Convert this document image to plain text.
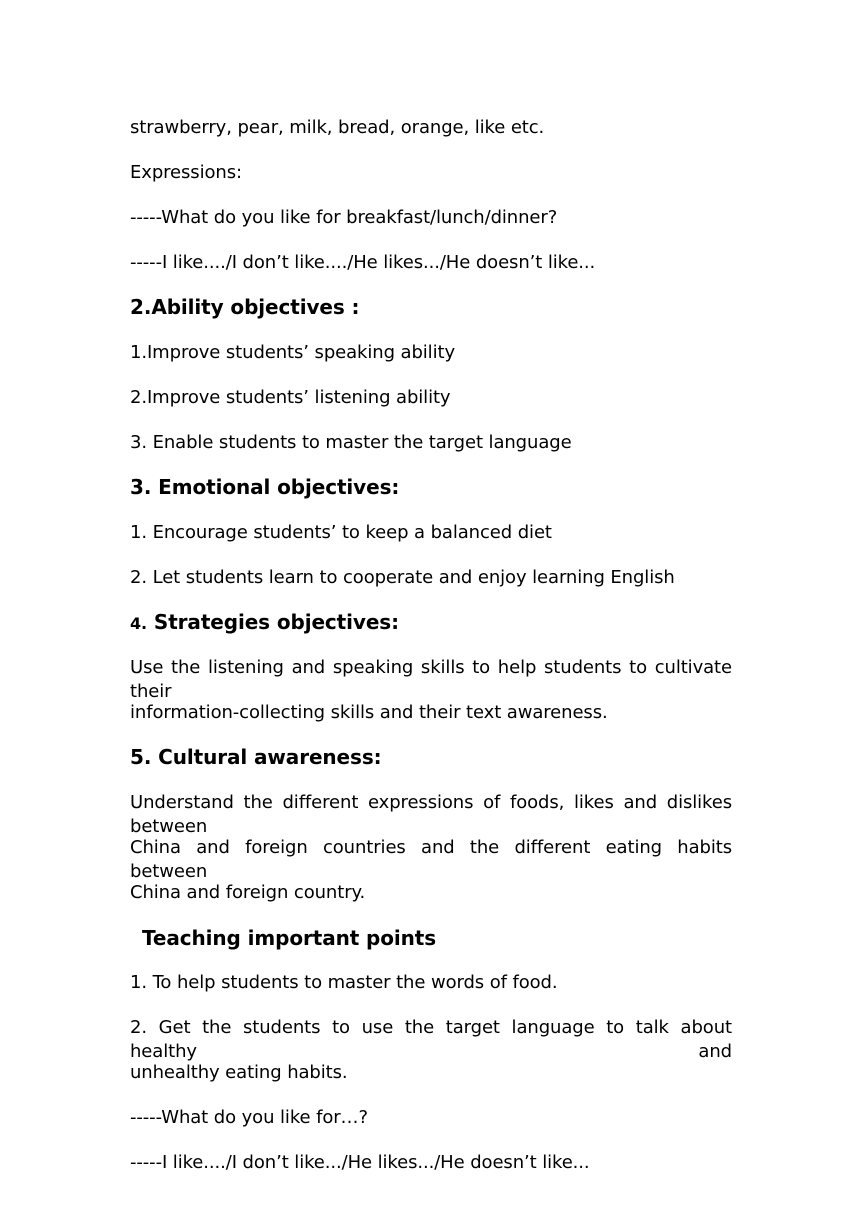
strawberry, pear, milk, bread, orange, like etc.
Expressions:
-----What do you like for breakfast/lunch/dinner?
-----I like..../I don’t like..../He likes.../He doesn’t like...
2.Ability objectives :
1.Improve students’ speaking ability
2.Improve students’ listening ability
3. Enable students to master the target language
3. Emotional objectives:
1. Encourage students’ to keep a balanced diet
2. Let students learn to cooperate and enjoy learning English
4. Strategies objectives:
Use the listening and speaking skills to help students to cultivate their
information-collecting skills and their text awareness.
5. Cultural awareness:
Understand the different expressions of foods, likes and dislikes between
China and foreign countries and the different eating habits between
China and foreign country.
Teaching important points
1. To help students to master the words of food.
2. Get the students to use the target language to talk about healthy and
unhealthy eating habits.
-----What do you like for…?
-----I like..../I don’t like.../He likes.../He doesn’t like...
